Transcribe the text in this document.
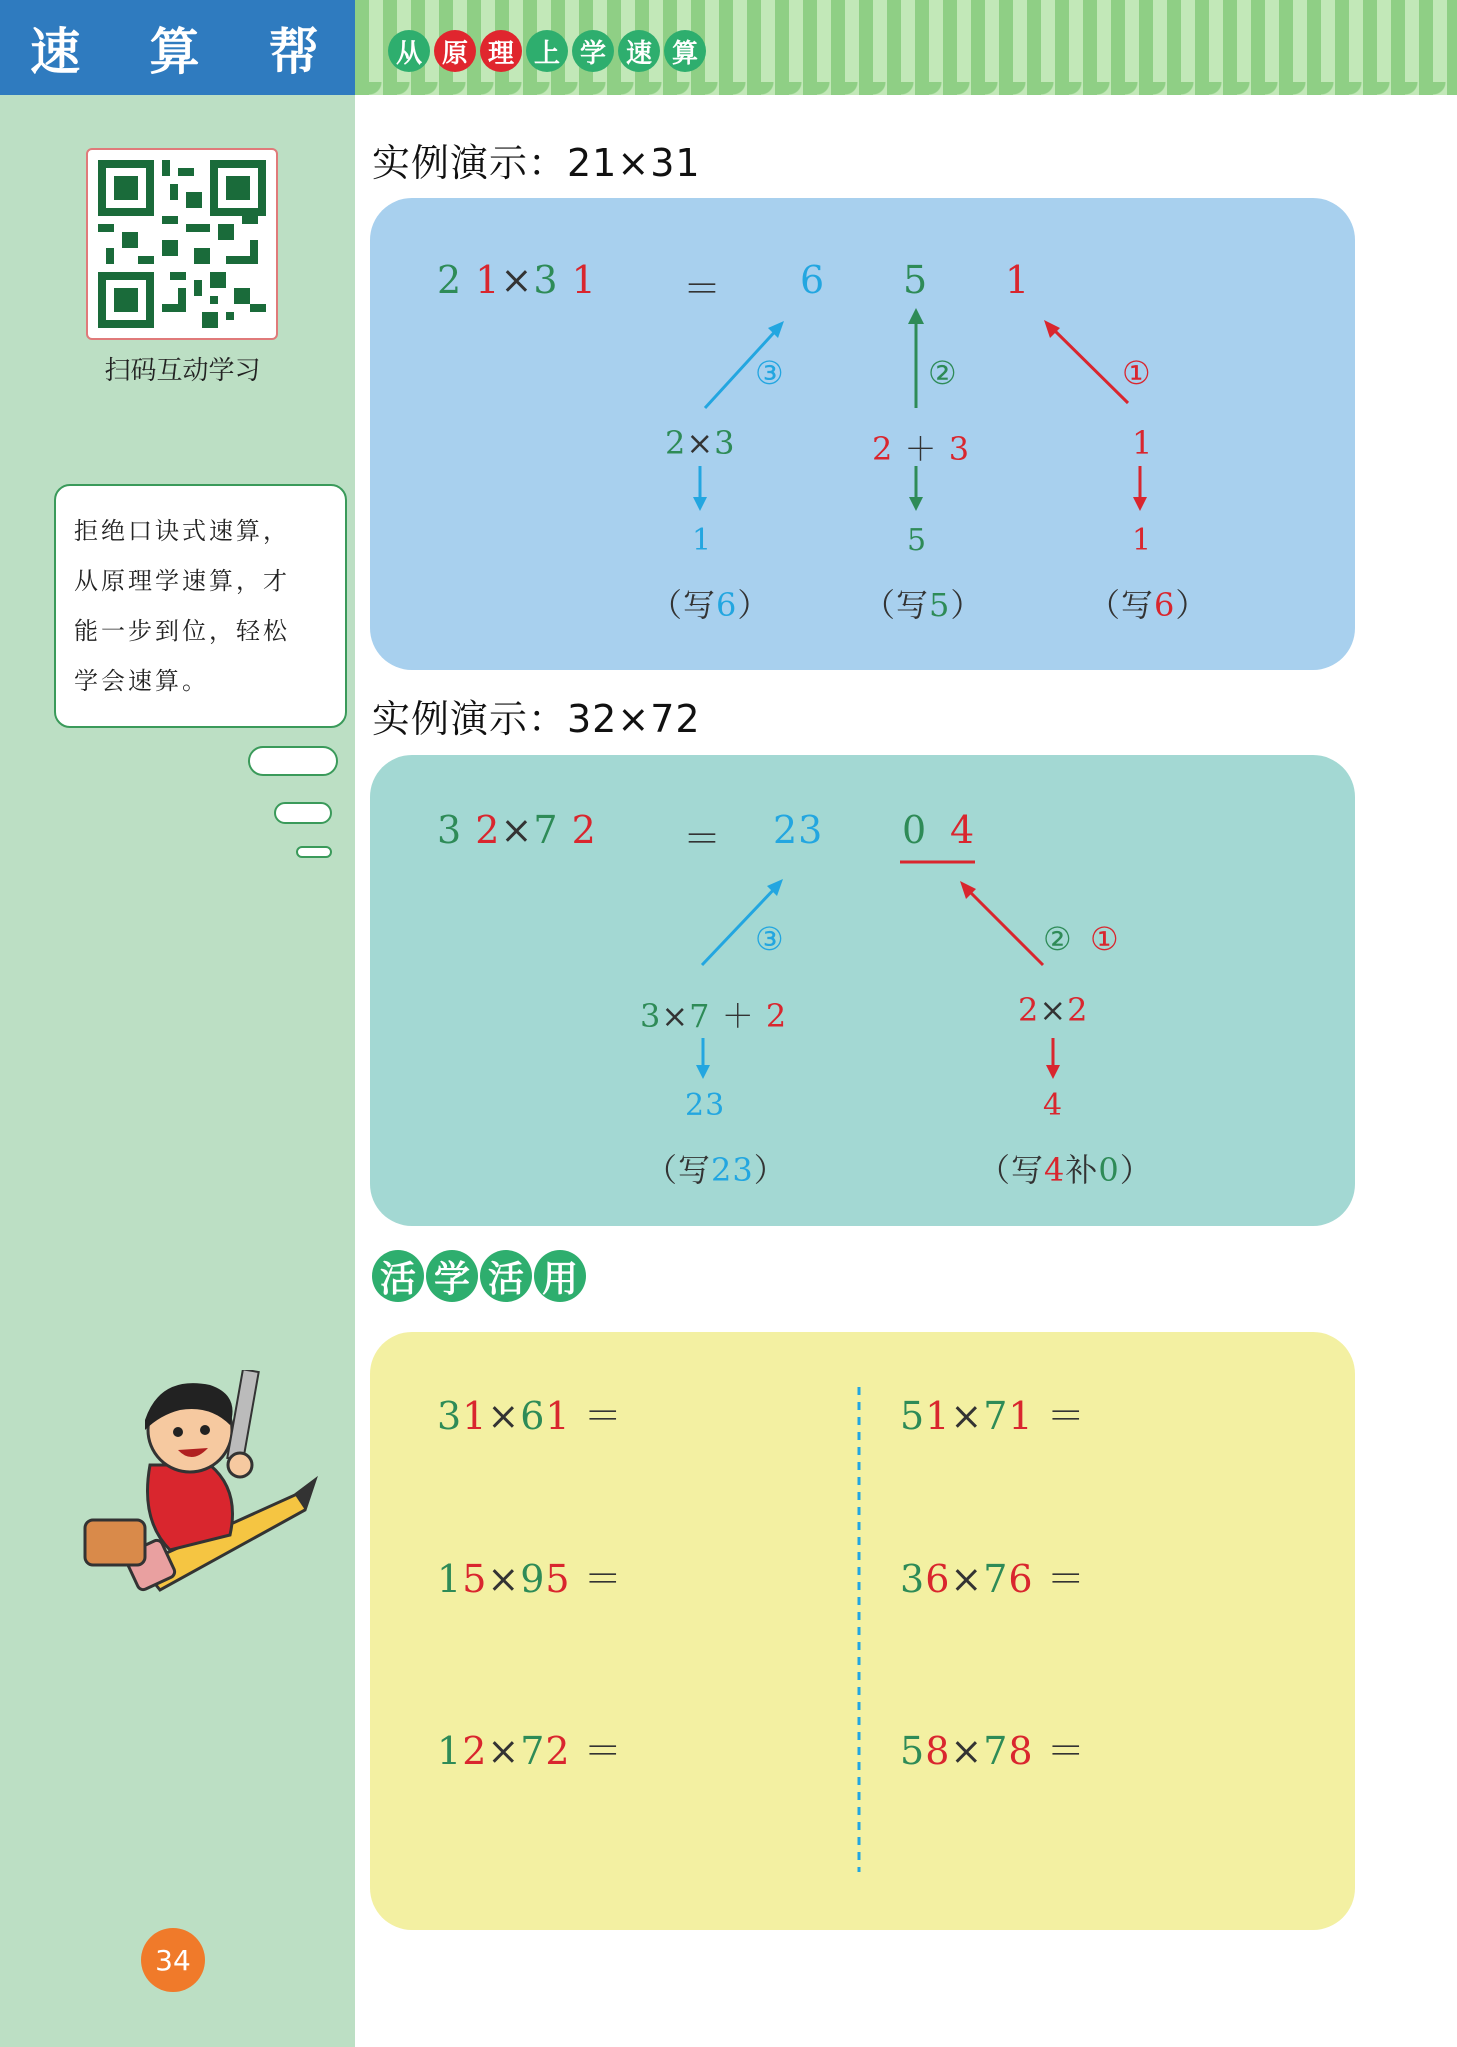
速 算 帮	从 原 理 上 学 速 算
扫码互动学习
拒绝口诀式速算，
从原理学速算，才
能一步到位，轻松
学会速算。
34
实例演示：21×31
2 1×3 1 ＝ 6 5 1
③	②	①
2×3	2 ＋ 3	1
1	5	1
（写6）	（写5）	（写6）
实例演示：32×72
3 2×7 2 ＝ 23 0 4
③	② ①
3×7 ＋ 2	2×2
23	4
（写23）	（写4补0）
活 学 活 用
31×61 ＝	51×71 ＝
15×95 ＝	36×76 ＝
12×72 ＝	58×78 ＝
